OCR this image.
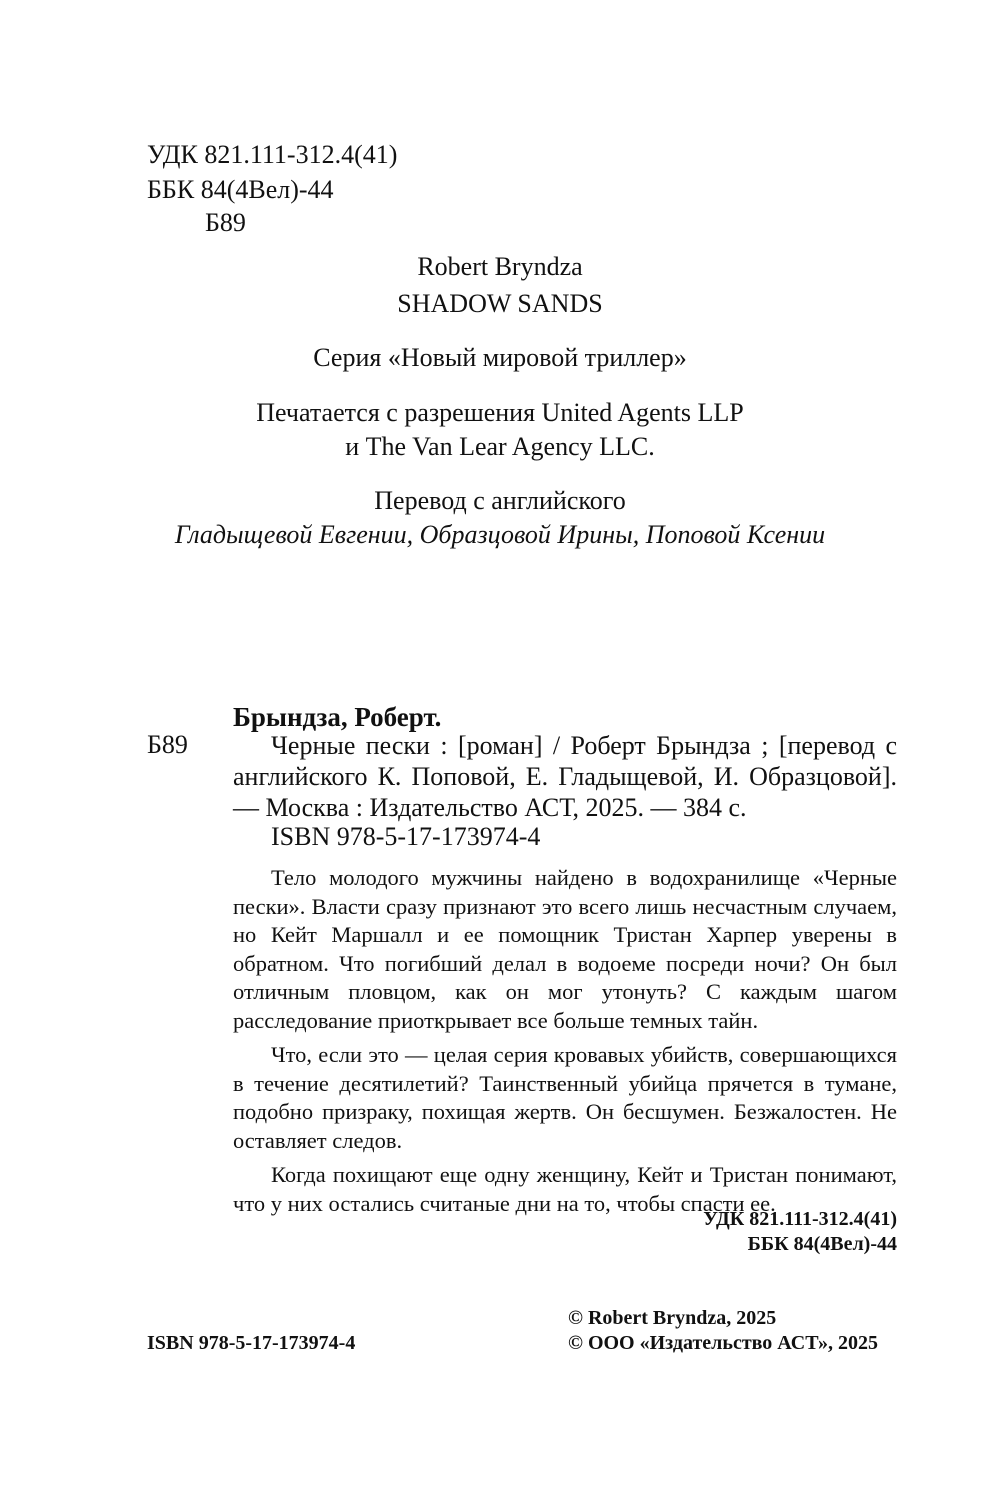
УДК 821.111-312.4(41)
ББК 84(4Вел)-44
Б89
Robert Bryndza
SHADOW SANDS
Серия «Новый мировой триллер»
Печатается с разрешения United Agents LLP
и The Van Lear Agency LLC.
Перевод с английского
Гладыщевой Евгении, Образцовой Ирины, Поповой Ксении
Брындза, Роберт.
Б89	Черные пески : [роман] / Роберт Брындза ; [перевод с английского К. Поповой, Е. Гладыщевой, И. Образцовой]. — Москва : Издательство АСТ, 2025. — 384 с.

ISBN 978-5-17-173974-4

Тело молодого мужчины найдено в водохранилище «Черные пески». Власти сразу признают это всего лишь несчастным случаем, но Кейт Маршалл и ее помощник Тристан Харпер уверены в обратном. Что погибший делал в водоеме посреди ночи? Он был отличным пловцом, как он мог утонуть? С каждым шагом расследование приоткрывает все больше темных тайн.

Что, если это — целая серия кровавых убийств, совершающихся в течение десятилетий? Таинственный убийца прячется в тумане, подобно призраку, похищая жертв. Он бесшумен. Безжалостен. Не оставляет следов.

Когда похищают еще одну женщину, Кейт и Тристан понимают, что у них остались считаные дни на то, чтобы спасти ее.

УДК 821.111-312.4(41)
ББК 84(4Вел)-44
ISBN 978-5-17-173974-4
© Robert Bryndza, 2025
© ООО «Издательство АСТ», 2025
